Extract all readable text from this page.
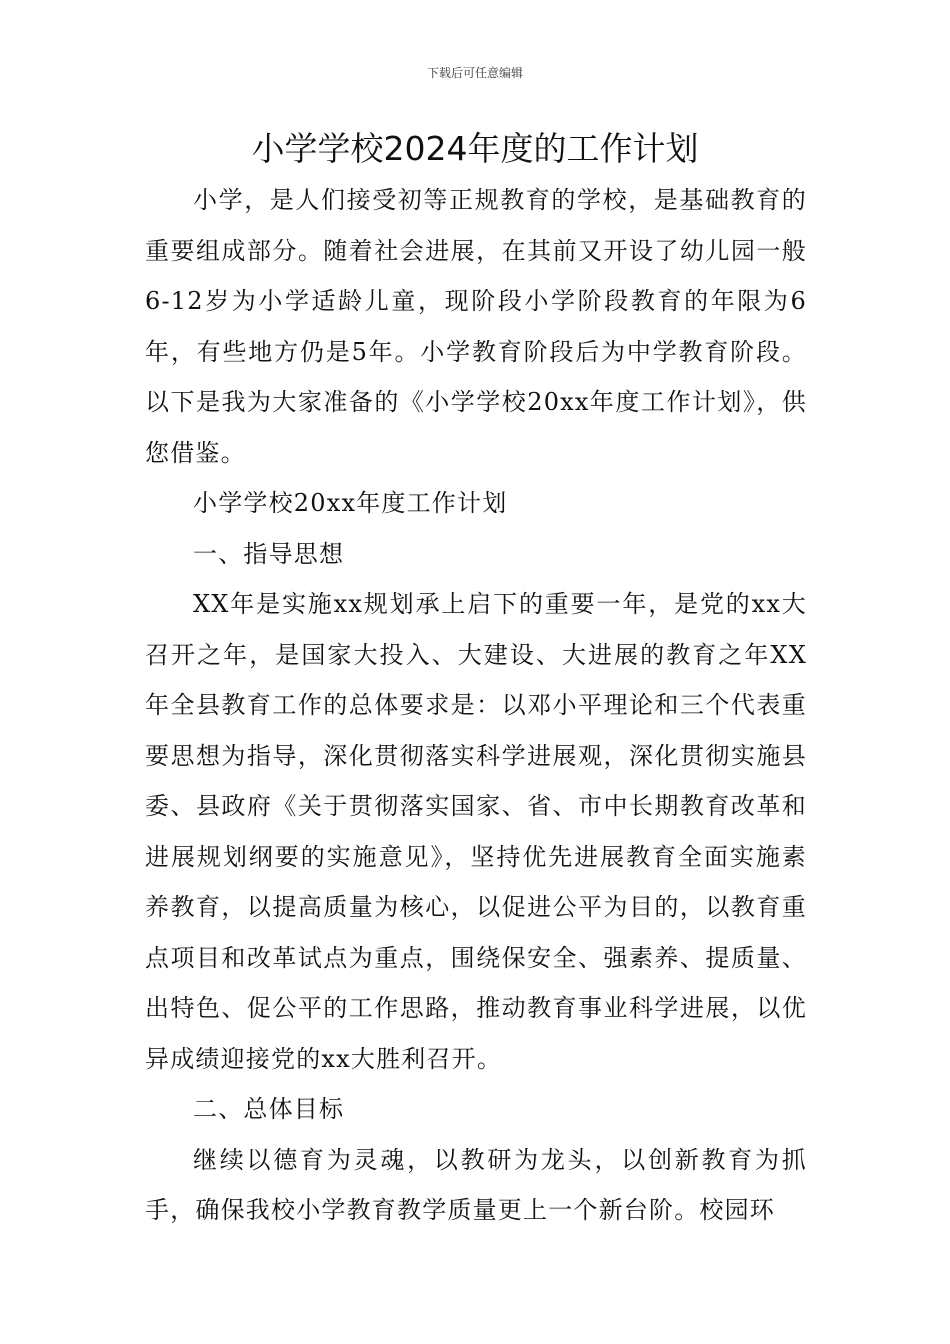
下载后可任意编辑
小学学校2024年度的工作计划

小学，是人们接受初等正规教育的学校，是基础教育的重要组成部分。随着社会进展，在其前又开设了幼儿园一般6-12岁为小学适龄儿童，现阶段小学阶段教育的年限为6年，有些地方仍是5年。小学教育阶段后为中学教育阶段。以下是我为大家准备的《小学学校20xx年度工作计划》，供您借鉴。

小学学校20xx年度工作计划

一、指导思想

XX年是实施xx规划承上启下的重要一年，是党的xx大召开之年，是国家大投入、大建设、大进展的教育之年XX年全县教育工作的总体要求是：以邓小平理论和三个代表重要思想为指导，深化贯彻落实科学进展观，深化贯彻实施县委、县政府《关于贯彻落实国家、省、市中长期教育改革和进展规划纲要的实施意见》，坚持优先进展教育全面实施素养教育，以提高质量为核心，以促进公平为目的，以教育重点项目和改革试点为重点，围绕保安全、强素养、提质量、出特色、促公平的工作思路，推动教育事业科学进展，以优异成绩迎接党的xx大胜利召开。

二、总体目标

继续以德育为灵魂，以教研为龙头，以创新教育为抓手，确保我校小学教育教学质量更上一个新台阶。校园环
